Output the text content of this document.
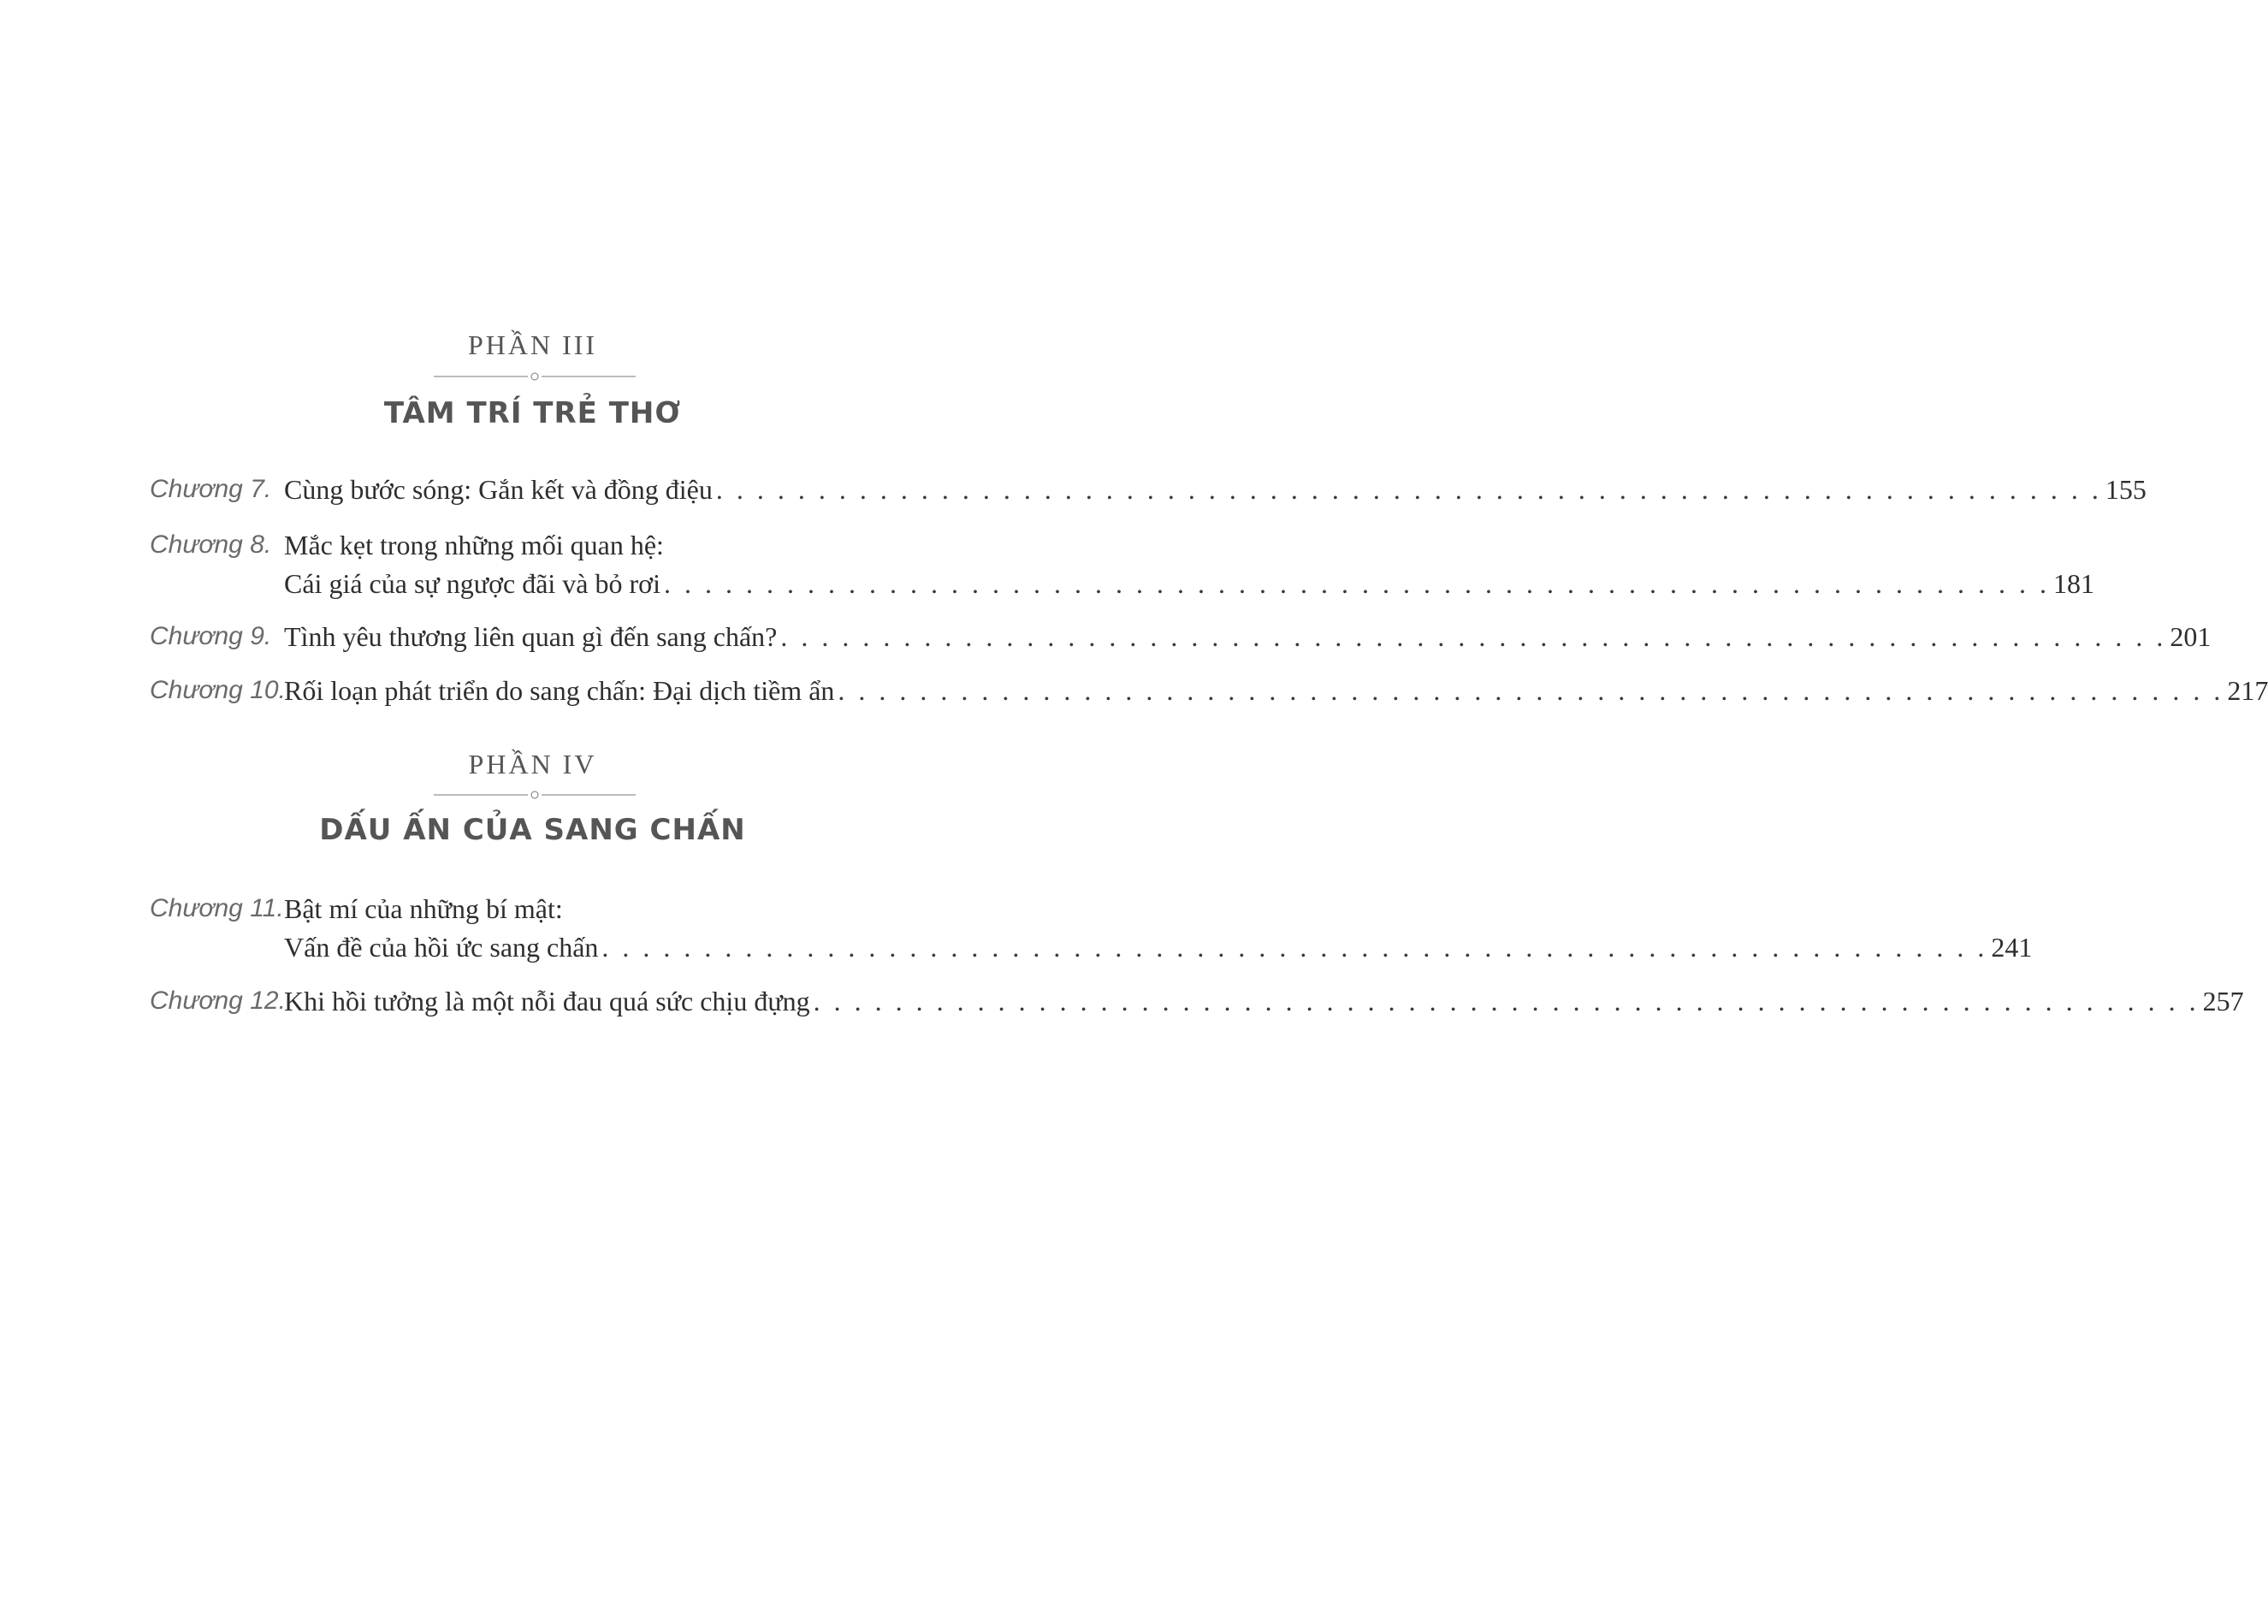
PHẦN III
TÂM TRÍ TRẺ THƠ
Chương 7. Cùng bước sóng: Gắn kết và đồng điệu . . . . . . . . . . . . . . . . . . . . . . . . . . . . . . . . . . . . . . . . . . . . . . . . . . . . . . . . . . . . . . . . . . . . 155
Chương 8. Mắc kẹt trong những mối quan hệ:
Cái giá của sự ngược đãi và bỏ rơi . . . . . . . . . . . . . . . . . . . . . . . . . . . . . . . . . . . . . . . . . . . . . . . . . . . . . . . . . . . . . . . . . . . . 181
Chương 9. Tình yêu thương liên quan gì đến sang chấn? . . . . . . . . . . . . . . . . . . . . . . . . . . . . . . . . . . . . . . . . . . . . . . . . . . . . . . . . . . . . . . . . . . . . 201
Chương 10.
Rối loạn phát triển do sang chấn: Đại dịch tiềm ẩn . . . . . . . . . . . . . . . . . . . . . . . . . . . . . . . . . . . . . . . . . . . . . . . . . . . . . . . . . . . . . . . . . . . . 217
PHẦN IV
DẤU ẤN CỦA SANG CHẤN
Chương 11. Bật mí của những bí mật:
Vấn đề của hồi ức sang chấn . . . . . . . . . . . . . . . . . . . . . . . . . . . . . . . . . . . . . . . . . . . . . . . . . . . . . . . . . . . . . . . . . . . . 241
Chương 12.
Khi hồi tưởng là một nỗi đau quá sức chịu đựng . . . . . . . . . . . . . . . . . . . . . . . . . . . . . . . . . . . . . . . . . . . . . . . . . . . . . . . . . . . . . . . . . . . . 257
